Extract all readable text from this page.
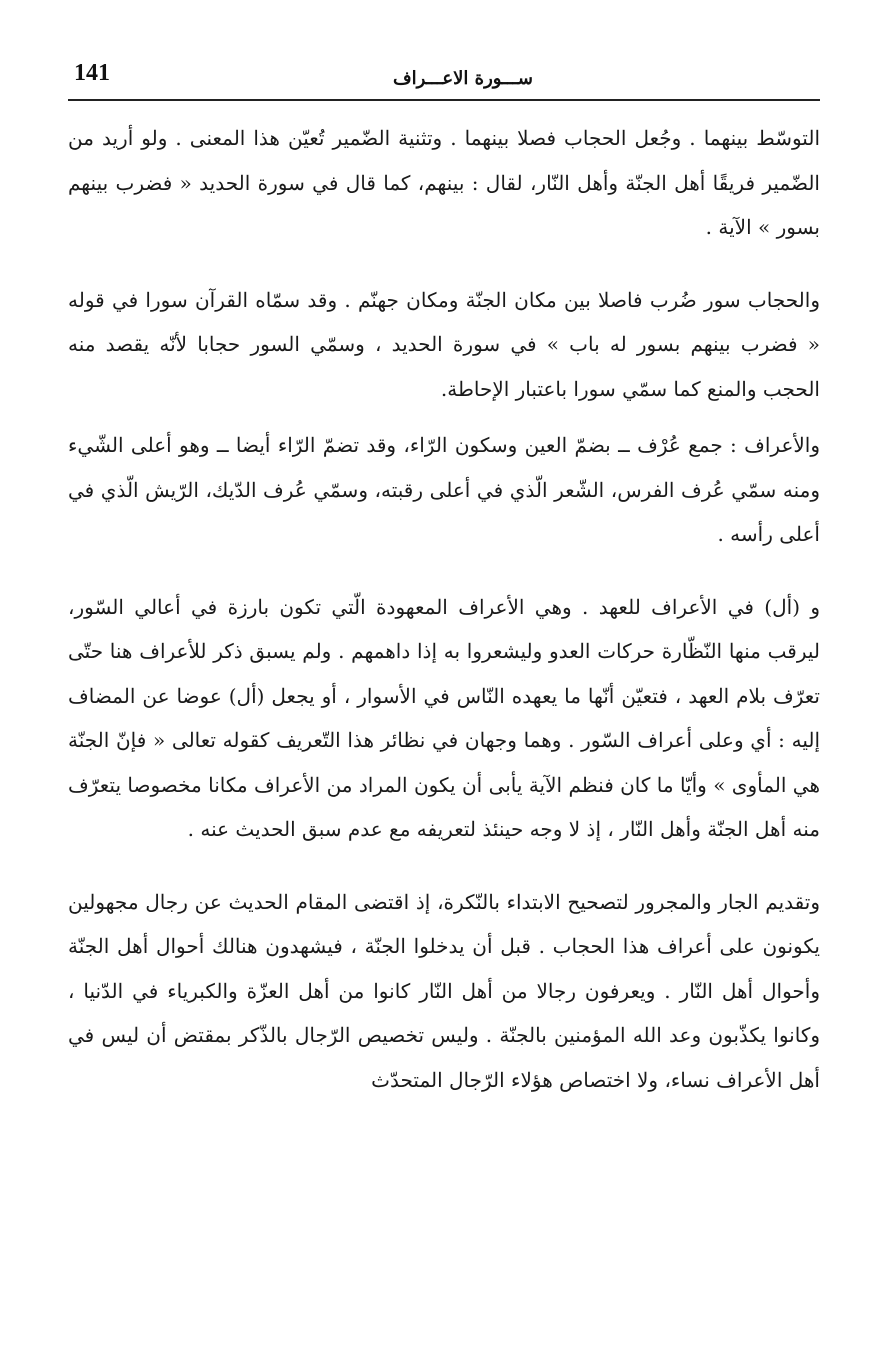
141	ســـورة الاعـــراف

التوسّط بينهما . وجُعل الحجاب فصلا بينهما . وتثنية الضّمير تُعيّن هذا المعنى . ولو أريد من الضّمير فريقًا أهل الجنّة وأهل النّار، لقال : بينهم، كما قال في سورة الحديد « فضرب بينهم بسور » الآية .

والحجاب سور ضُرب فاصلا بين مكان الجنّة ومكان جهنّم . وقد سمّاه القرآن سورا في قوله « فضرب بينهم بسور له باب » في سورة الحديد ، وسمّي السور حجابا لأنّه يقصد منه الحجب والمنع كما سمّي سورا باعتبار الإحاطة.

والأعراف : جمع عُرْف ــ بضمّ العين وسكون الرّاء، وقد تضمّ الرّاء أيضا ــ وهو أعلى الشّيء ومنه سمّي عُرف الفرس، الشّعر الّذي في أعلى رقبته، وسمّي عُرف الدّيك، الرّيش الّذي في أعلى رأسه .

و (أل) في الأعراف للعهد . وهي الأعراف المعهودة الّتي تكون بارزة في أعالي السّور، ليرقب منها النّظّارة حركات العدو وليشعروا به إذا داهمهم . ولم يسبق ذكر للأعراف هنا حتّى تعرّف بلام العهد ، فتعيّن أنّها ما يعهده النّاس في الأسوار ، أو يجعل (أل) عوضا عن المضاف إليه : أي وعلى أعراف السّور . وهما وجهان في نظائر هذا التّعريف كقوله تعالى « فإنّ الجنّة هي المأوى » وأيّا ما كان فنظم الآية يأبى أن يكون المراد من الأعراف مكانا مخصوصا يتعرّف منه أهل الجنّة وأهل النّار ، إذ لا وجه حينئذ لتعريفه مع عدم سبق الحديث عنه .

وتقديم الجار والمجرور لتصحيح الابتداء بالنّكرة، إذ اقتضى المقام الحديث عن رجال مجهولين يكونون على أعراف هذا الحجاب . قبل أن يدخلوا الجنّة ، فيشهدون هنالك أحوال أهل الجنّة وأحوال أهل النّار . ويعرفون رجالا من أهل النّار كانوا من أهل العزّة والكبرياء في الدّنيا ، وكانوا يكذّبون وعد الله المؤمنين بالجنّة . وليس تخصيص الرّجال بالذّكر بمقتض أن ليس في أهل الأعراف نساء، ولا اختصاص هؤلاء الرّجال المتحدّث
